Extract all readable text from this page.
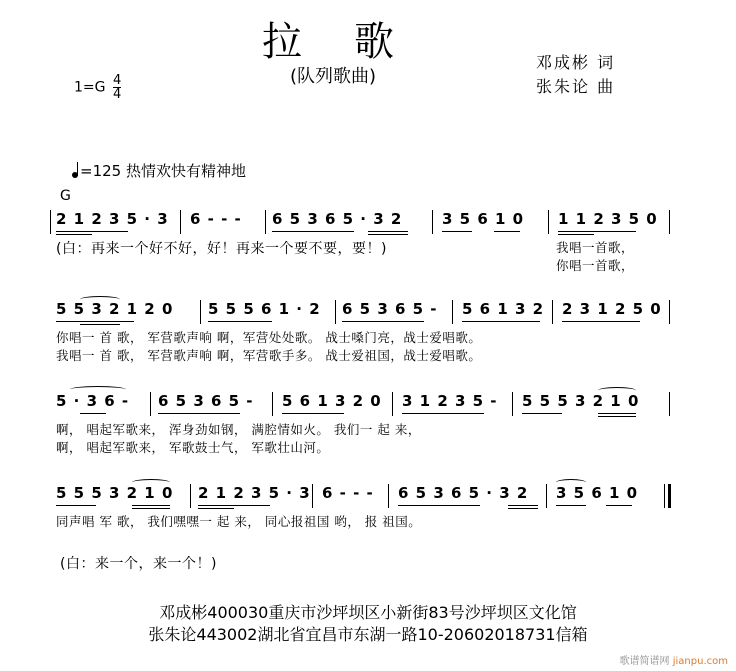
拉歌
(队列歌曲)
邓成彬 词
张朱论 曲
$1=G \frac{4}{4}$
=125 热情欢快有精神地
G
2 1 2 3 5 · 3 6 - - - 6 5 3 6 5 · 3 2	3 5 6 1 0 1 1 2 3 5 0
(白：再来一个好不好，好！再来一个要不要，要！)	我唱一首歌，
你唱一首歌，
5 5 3 2 1 2 0 5 5 5 6 1 · 2 6 5 3 6 5 - 5 6 1 3 2 2 3 1 2 5 0
你唱一 首 歌， 军营歌声响 啊，军营处处歌。 战士嗓门亮，战士爱唱歌。
我唱一 首 歌， 军营歌声响 啊，军营歌手多。 战士爱祖国，战士爱唱歌。
5 · 3 6 - 6 5 3 6 5 - 5 6 1 3 2 0 3 1 2 3 5 - 5 5 5 3 2 1 0
啊， 唱起军歌来， 浑身劲如钢， 满腔情如火。 我们一 起 来，
啊， 唱起军歌来， 军歌鼓士气， 军歌壮山河。
5 5 5 3 2 1 0 2 1 2 3 5 · 3 6 - - - 6 5 3 6 5 · 3 2 3 5 6 1 0
同声唱 军 歌， 我们嘿嘿一 起 来， 同心报祖国 哟， 报 祖国。
(白：来一个，来一个！)
邓成彬400030重庆市沙坪坝区小新街83号沙坪坝区文化馆
张朱论443002湖北省宜昌市东湖一路10-20602018731信箱
歌谱简谱网 jianpu.com
